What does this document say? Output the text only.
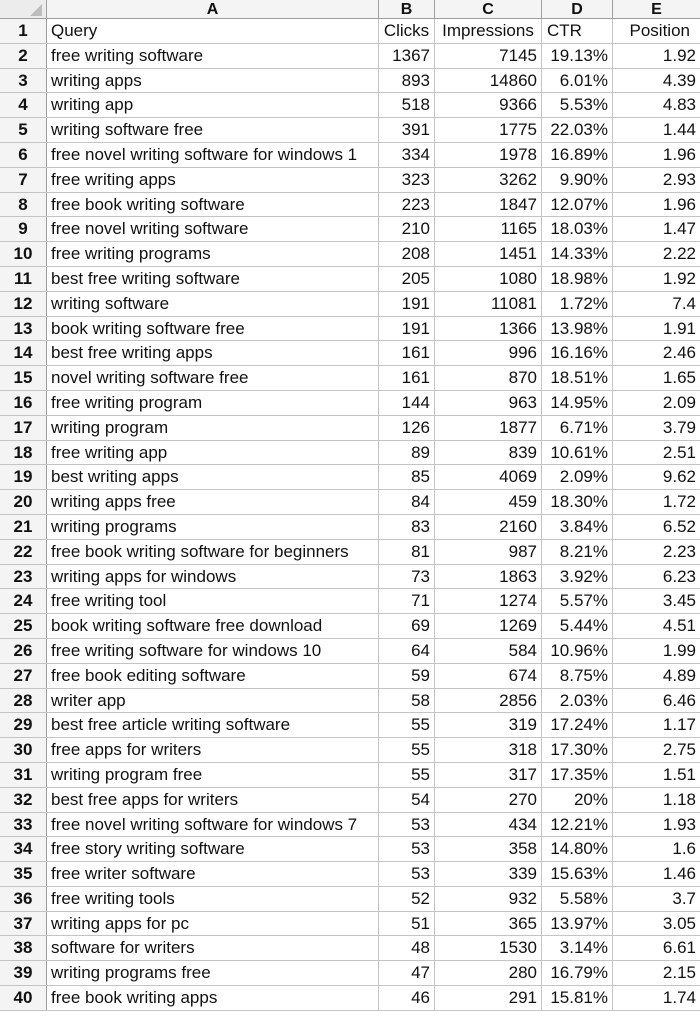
A	B	C	D	E
1	Query	Clicks Impressions CTR	Position
2	free writing software	1367	7145 19.13%	1.92
3	writing apps	893	14860	6.01%	4.39
4	writing app	518	9366	5.53%	4.83
5	writing software free	391	1775 22.03%	1.44
6	free novel writing software for windows 1	334	1978 16.89%	1.96
7	free writing apps	323	3262	9.90%	2.93
8	free book writing software	223	1847 12.07%	1.96
9	free novel writing software	210	1165 18.03%	1.47
10	free writing programs	208	1451 14.33%	2.22
11	best free writing software	205	1080 18.98%	1.92
12	writing software	191	11081	1.72%	7.4
13	book writing software free	191	1366 13.98%	1.91
14	best free writing apps	161	996 16.16%	2.46
15	novel writing software free	161	870 18.51%	1.65
16	free writing program	144	963 14.95%	2.09
17	writing program	126	1877	6.71%	3.79
18	free writing app	89	839 10.61%	2.51
19	best writing apps	85	4069	2.09%	9.62
20	writing apps free	84	459 18.30%	1.72
21	writing programs	83	2160	3.84%	6.52
22	free book writing software for beginners	81	987	8.21%	2.23
23	writing apps for windows	73	1863	3.92%	6.23
24	free writing tool	71	1274	5.57%	3.45
25	book writing software free download	69	1269	5.44%	4.51
26	free writing software for windows 10	64	584 10.96%	1.99
27	free book editing software	59	674	8.75%	4.89
28	writer app	58	2856	2.03%	6.46
29	best free article writing software	55	319 17.24%	1.17
30	free apps for writers	55	318 17.30%	2.75
31	writing program free	55	317 17.35%	1.51
32	best free apps for writers	54	270	20%	1.18
33	free novel writing software for windows 7	53	434 12.21%	1.93
34	free story writing software	53	358 14.80%	1.6
35	free writer software	53	339 15.63%	1.46
36	free writing tools	52	932	5.58%	3.7
37	writing apps for pc	51	365 13.97%	3.05
38	software for writers	48	1530	3.14%	6.61
39	writing programs free	47	280 16.79%	2.15
40	free book writing apps	46	291 15.81%	1.74
